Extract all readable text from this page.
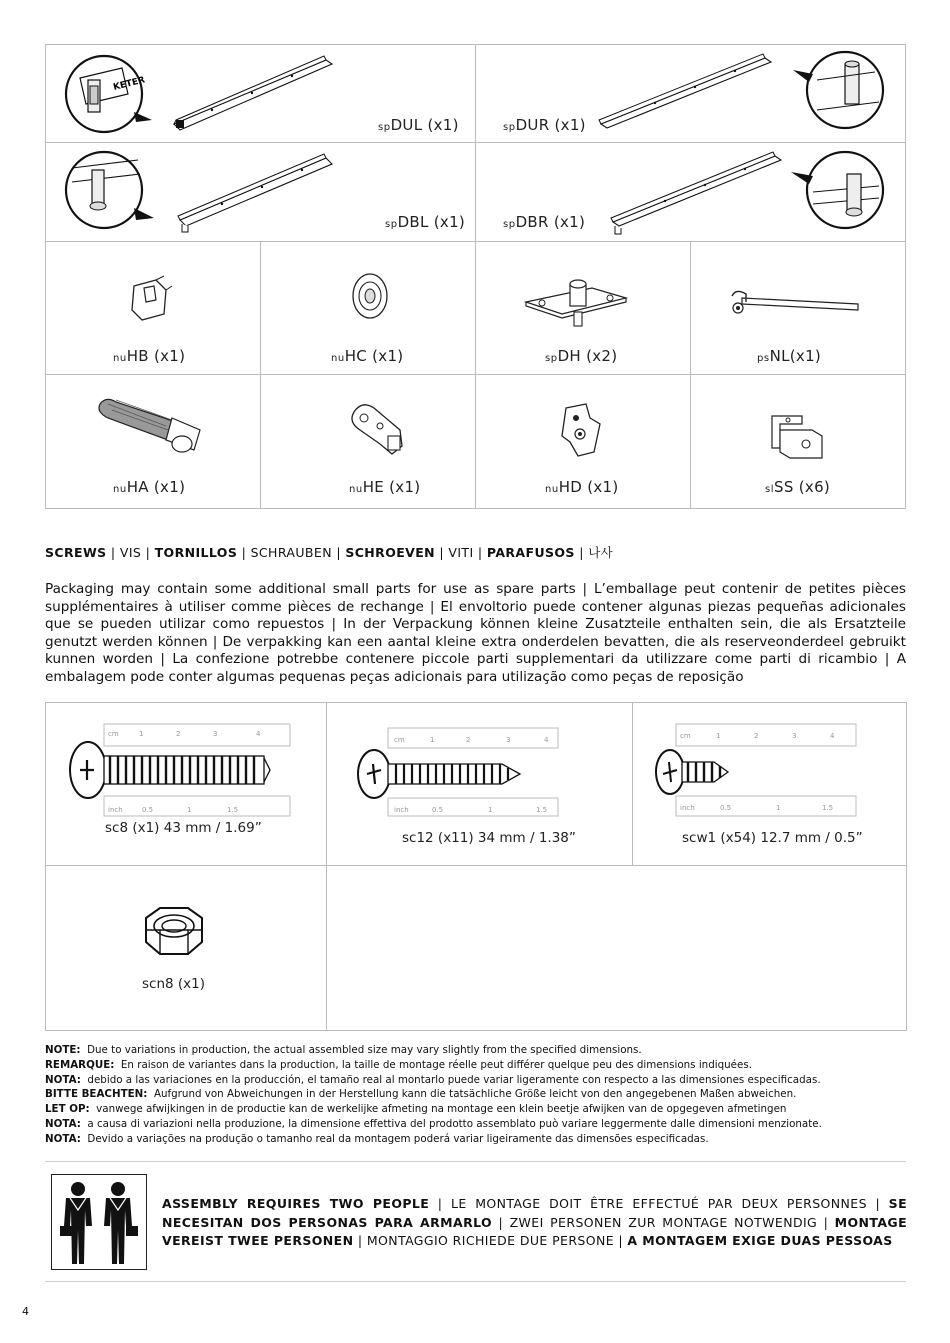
KETER
spDUL (x1)	spDUR (x1)
spDBL (x1)	spDBR (x1)
nuHB (x1)	nuHC (x1)	spDH (x2)	psNL(x1)
nuHA (x1)	nuHE (x1)	nuHD (x1)	slSS (x6)
SCREWS | VIS | TORNILLOS | SCHRAUBEN | SCHROEVEN | VITI | PARAFUSOS | 나사
Packaging may contain some additional small parts for use as spare parts | L’emballage peut contenir de petites pièces supplémentaires à utiliser comme pièces de rechange | El envoltorio puede contener algunas piezas pequeñas adicionales que se pueden utilizar como repuestos | In der Verpackung können kleine Zusatzteile enthalten sein, die als Ersatzteile genutzt werden können | De verpakking kan een aantal kleine extra onderdelen bevatten, die als reserveonderdeel gebruikt kunnen worden | La confezione potrebbe contenere piccole parti supplementari da utilizzare come parti di ricambio | A embalagem pode conter algumas pequenas peças adicionais para utilização como peças de reposição
cm	1	2	3	4
inch	0.5	1	1.5
sc8 (x1) 43 mm / 1.69”
cm	1	2	3	4
inch	0.5	1	1.5
sc12 (x11) 34 mm / 1.38”
cm	1	2	3	4
inch	0.5	1	1.5
scw1 (x54) 12.7 mm / 0.5”
scn8 (x1)
NOTE: Due to variations in production, the actual assembled size may vary slightly from the specified dimensions.
REMARQUE: En raison de variantes dans la production, la taille de montage réelle peut différer quelque peu des dimensions indiquées.
NOTA: debido a las variaciones en la producción, el tamaño real al montarlo puede variar ligeramente con respecto a las dimensiones especificadas.
BITTE BEACHTEN: Aufgrund von Abweichungen in der Herstellung kann die tatsächliche Größe leicht von den angegebenen Maßen abweichen.
LET OP: vanwege afwijkingen in de productie kan de werkelijke afmeting na montage een klein beetje afwijken van de opgegeven afmetingen
NOTA: a causa di variazioni nella produzione, la dimensione effettiva del prodotto assemblato può variare leggermente dalle dimensioni menzionate.
NOTA: Devido a variações na produção o tamanho real da montagem poderá variar ligeiramente das dimensões especificadas.
ASSEMBLY REQUIRES TWO PEOPLE | LE MONTAGE DOIT ÊTRE EFFECTUÉ PAR DEUX PERSONNES | SE NECESITAN DOS PERSONAS PARA ARMARLO | ZWEI PERSONEN ZUR MONTAGE NOTWENDIG | MONTAGE VEREIST TWEE PERSONEN | MONTAGGIO RICHIEDE DUE PERSONE | A MONTAGEM EXIGE DUAS PESSOAS
4
